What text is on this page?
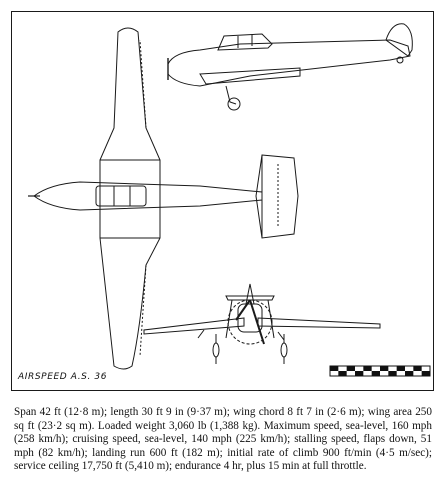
AIRSPEED A.S. 36

Span 42 ft (12·8 m); length 30 ft 9 in (9·37 m); wing chord 8 ft 7 in (2·6 m); wing area 250 sq ft (23·2 sq m). Loaded weight 3,060 lb (1,388 kg). Maximum speed, sea-level, 160 mph (258 km/h); cruising speed, sea-level, 140 mph (225 km/h); stalling speed, flaps down, 51 mph (82 km/h); landing run 600 ft (182 m); initial rate of climb 900 ft/min (4·5 m/sec); service ceiling 17,750 ft (5,410 m); endurance 4 hr, plus 15 min at full throttle.
